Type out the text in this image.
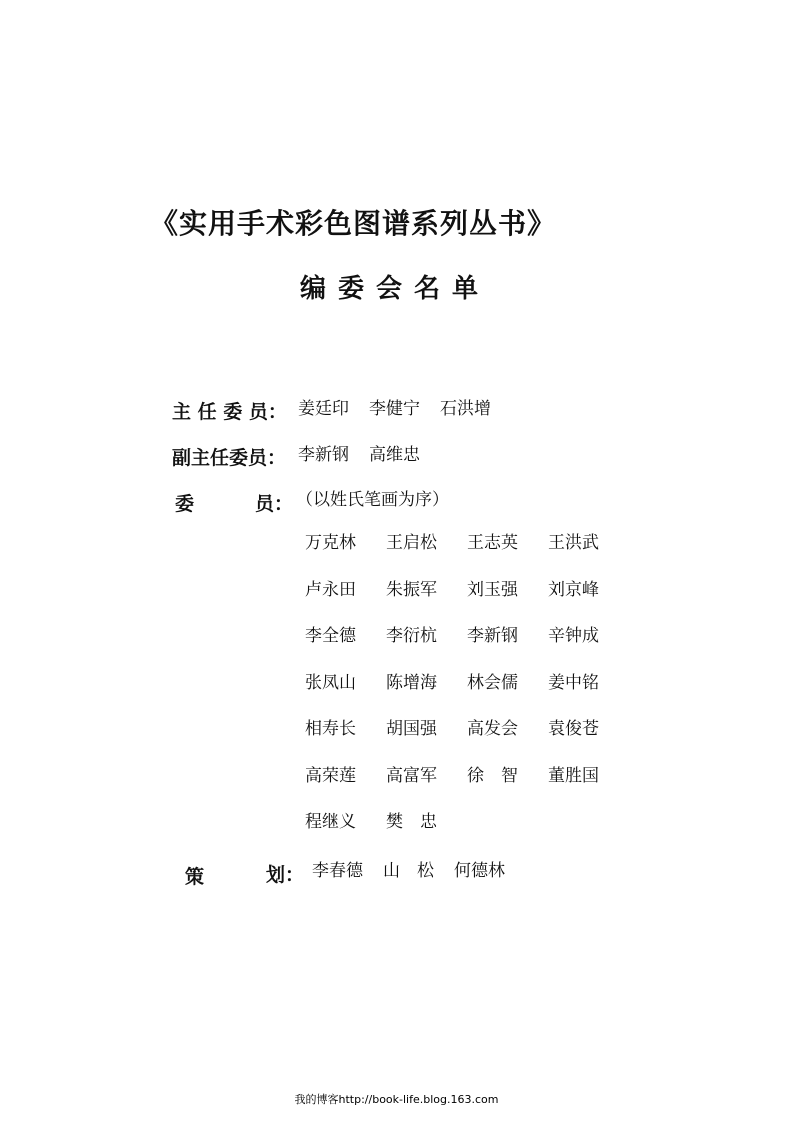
《实用手术彩色图谱系列丛书》
编委会名单
主 任 委 员： 姜廷印 李健宁 石洪增
副主任委员： 李新钢 高维忠
委	员： （以姓氏笔画为序）
万克林 王启松 王志英 王洪武
卢永田 朱振军 刘玉强 刘京峰
李全德 李衍杭 李新钢 辛钟成
张凤山 陈增海 林会儒 姜中铭
相寿长 胡国强 高发会 袁俊苍
高荣莲 高富军 徐　智 董胜国
程继义 樊　忠
策	划： 李春德 山　松 何德林
我的博客http://book-life.blog.163.com
